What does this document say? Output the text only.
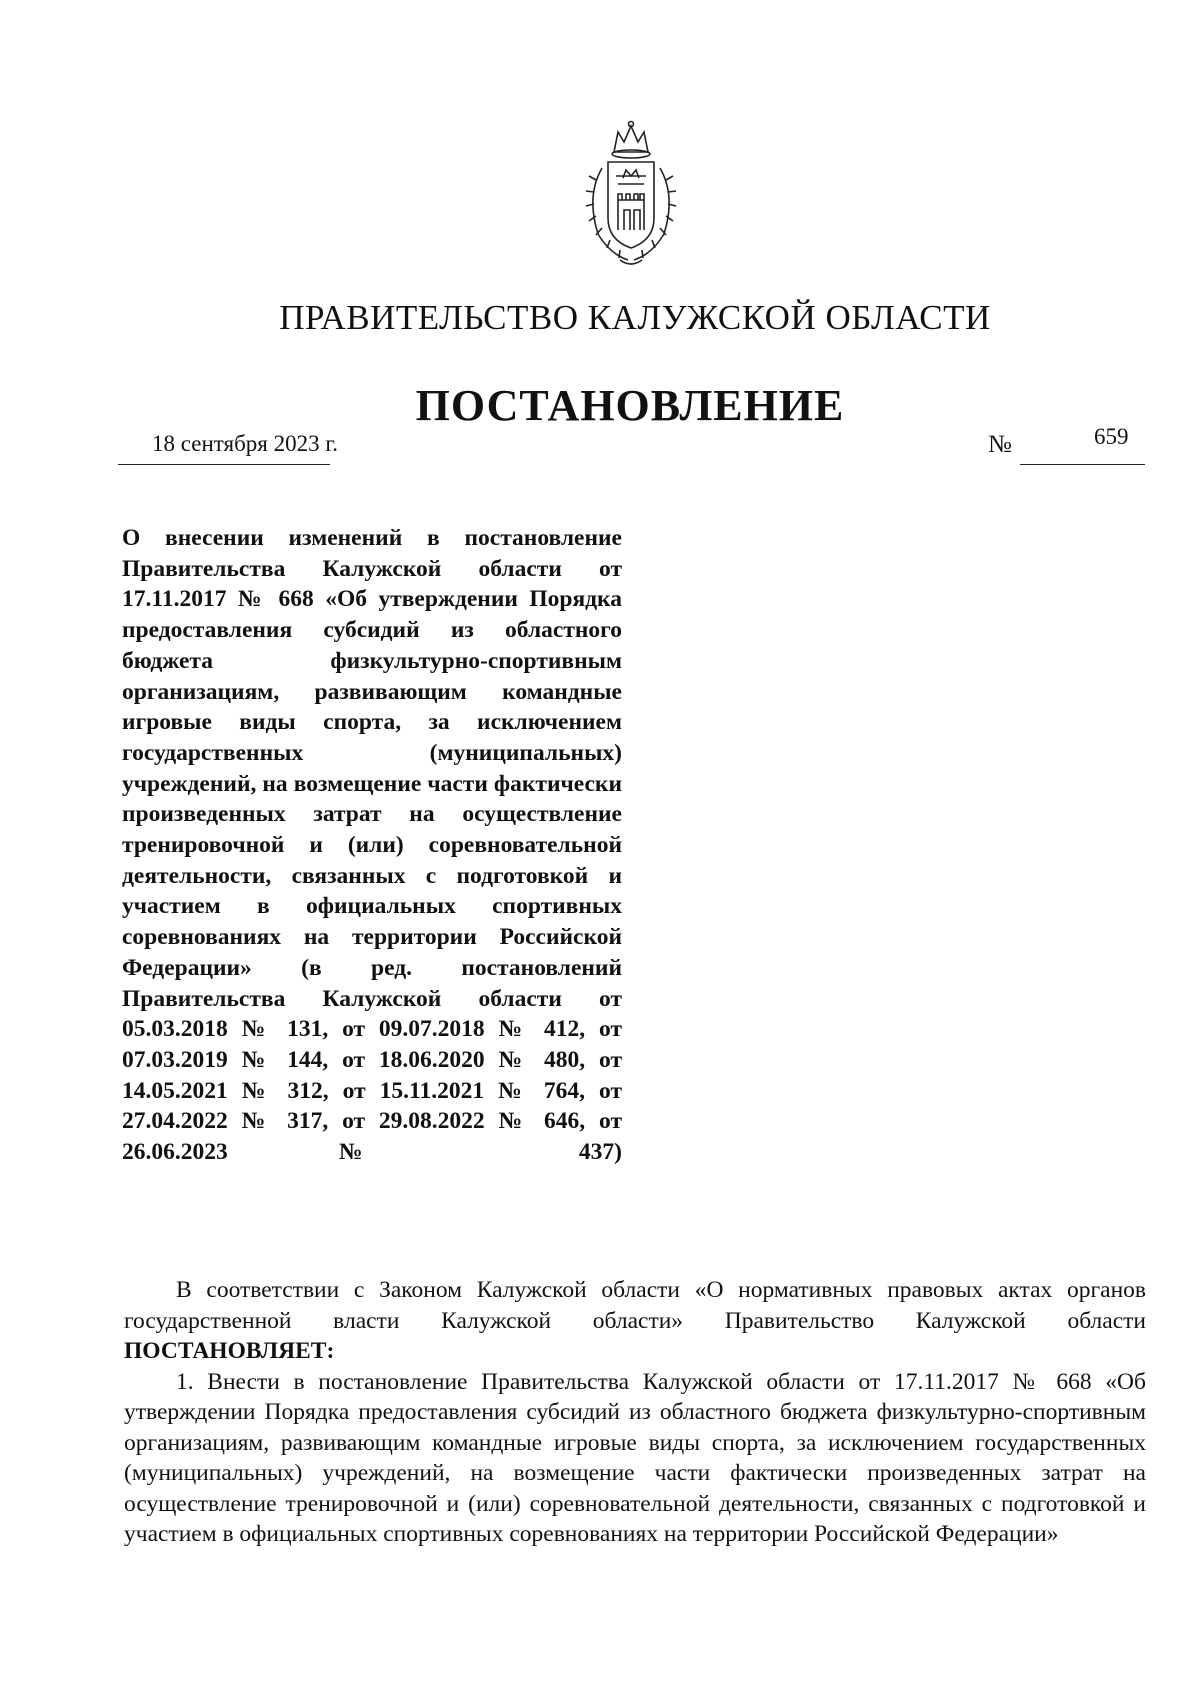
ПРАВИТЕЛЬСТВО КАЛУЖСКОЙ ОБЛАСТИ
ПОСТАНОВЛЕНИЕ
18 сентября 2023 г.	№	659

О внесении изменений в постановление Правительства Калужской области от 17.11.2017 № 668 «Об утверждении Порядка предоставления субсидий из областного бюджета физкультурно-спортивным организациям, развивающим командные игровые виды спорта, за исключением государственных (муниципальных) учреждений, на возмещение части фактически произведенных затрат на осуществление тренировочной и (или) соревновательной деятельности, связанных с подготовкой и участием в официальных спортивных соревнованиях на территории Российской Федерации» (в ред. постановлений Правительства Калужской области от 05.03.2018 № 131, от 09.07.2018 № 412, от 07.03.2019 № 144, от 18.06.2020 № 480, от 14.05.2021 № 312, от 15.11.2021 № 764, от 27.04.2022 № 317, от 29.08.2022 № 646, от 26.06.2023 № 437)

В соответствии с Законом Калужской области «О нормативных правовых актах органов государственной власти Калужской области» Правительство Калужской области ПОСТАНОВЛЯЕТ:

1. Внести в постановление Правительства Калужской области от 17.11.2017 № 668 «Об утверждении Порядка предоставления субсидий из областного бюджета физкультурно-спортивным организациям, развивающим командные игровые виды спорта, за исключением государственных (муниципальных) учреждений, на возмещение части фактически произведенных затрат на осуществление тренировочной и (или) соревновательной деятельности, связанных с подготовкой и участием в официальных спортивных соревнованиях на территории Российской Федерации»
